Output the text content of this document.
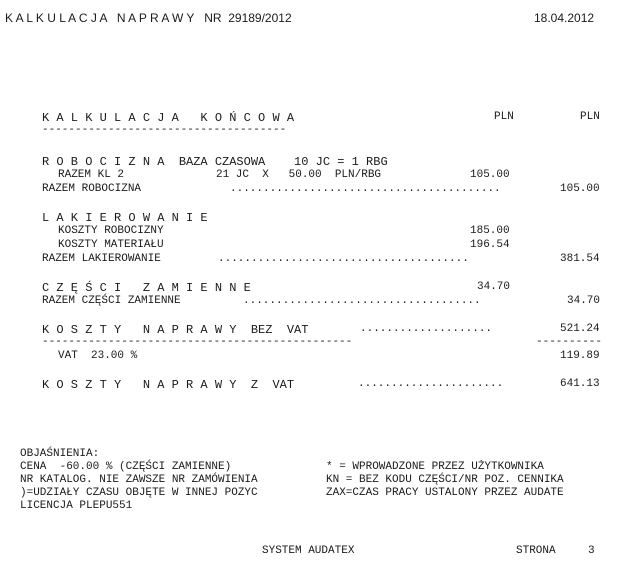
K A L K U L A C J A   N A P R A W Y   NR  29189/2012	18.04.2012
K A L K U L A C J A   K O Ń C O W A
-------------------------------------
PLN	PLN
R O B O C I Z N A  BAZA CZASOWA    10 JC = 1 RBG
RAZEM KL 2	21 JC  X   50.00  PLN/RBG	105.00
RAZEM ROBOCIZNA	.........................................	105.00
L A K I E R O W A N I E
KOSZTY ROBOCIZNY	185.00
KOSZTY MATERIAŁU	196.54
RAZEM LAKIEROWANIE	......................................	381.54
C Z Ę Ś C I   Z A M I E N N E	34.70
RAZEM CZĘŚCI ZAMIENNE	....................................	34.70
K O S Z T Y   N A P R A W Y  BEZ  VAT	....................	521.24
-----------------------------------------------	----------
VAT  23.00 %	119.89
K O S Z T Y   N A P R A W Y  Z  VAT	......................	641.13
OBJAŚNIENIA:
CENA  -60.00 % (CZĘŚCI ZAMIENNE)
NR KATALOG. NIE ZAWSZE NR ZAMÓWIENIA
)=UDZIAŁY CZASU OBJĘTE W INNEJ POZYC
LICENCJA PLEPU551
* = WPROWADZONE PRZEZ UŻYTKOWNIKA
KN = BEZ KODU CZĘŚCI/NR POZ. CENNIKA
ZAX=CZAS PRACY USTALONY PRZEZ AUDATE
SYSTEM AUDATEX	STRONA	3
